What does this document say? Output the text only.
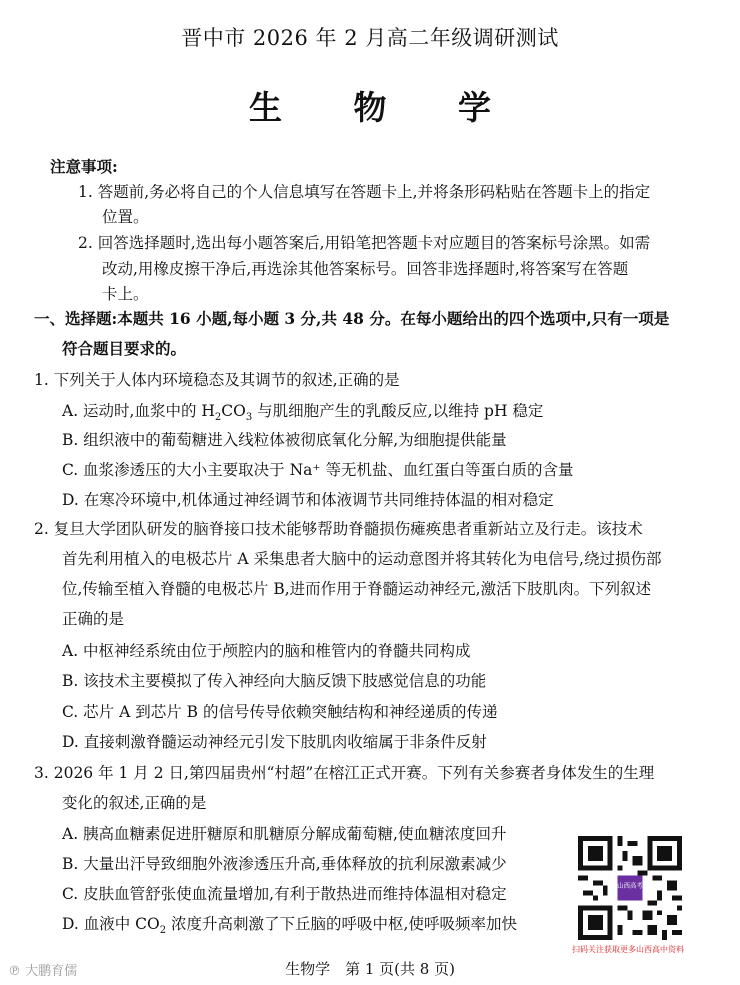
晋中市 2026 年 2 月高二年级调研测试
生 物 学
注意事项:
1. 答题前,务必将自己的个人信息填写在答题卡上,并将条形码粘贴在答题卡上的指定
位置。
2. 回答选择题时,选出每小题答案后,用铅笔把答题卡对应题目的答案标号涂黑。如需
改动,用橡皮擦干净后,再选涂其他答案标号。回答非选择题时,将答案写在答题
卡上。
一、选择题:本题共 16 小题,每小题 3 分,共 48 分。在每小题给出的四个选项中,只有一项是
符合题目要求的。
1. 下列关于人体内环境稳态及其调节的叙述,正确的是
A. 运动时,血浆中的 $H_2CO_3$ 与肌细胞产生的乳酸反应,以维持 pH 稳定
B. 组织液中的葡萄糖进入线粒体被彻底氧化分解,为细胞提供能量
C. 血浆渗透压的大小主要取决于 Na⁺ 等无机盐、血红蛋白等蛋白质的含量
D. 在寒冷环境中,机体通过神经调节和体液调节共同维持体温的相对稳定
2. 复旦大学团队研发的脑脊接口技术能够帮助脊髓损伤瘫痪患者重新站立及行走。该技术
首先利用植入的电极芯片 A 采集患者大脑中的运动意图并将其转化为电信号,绕过损伤部
位,传输至植入脊髓的电极芯片 B,进而作用于脊髓运动神经元,激活下肢肌肉。下列叙述
正确的是
A. 中枢神经系统由位于颅腔内的脑和椎管内的脊髓共同构成
B. 该技术主要模拟了传入神经向大脑反馈下肢感觉信息的功能
C. 芯片 A 到芯片 B 的信号传导依赖突触结构和神经递质的传递
D. 直接刺激脊髓运动神经元引发下肢肌肉收缩属于非条件反射
3. 2026 年 1 月 2 日,第四届贵州“村超”在榕江正式开赛。下列有关参赛者身体发生的生理
变化的叙述,正确的是
A. 胰高血糖素促进肝糖原和肌糖原分解成葡萄糖,使血糖浓度回升
B. 大量出汗导致细胞外液渗透压升高,垂体释放的抗利尿激素减少
C. 皮肤血管舒张使血流量增加,有利于散热进而维持体温相对稳定
D. 血液中 $CO_2$ 浓度升高刺激了下丘脑的呼吸中枢,使呼吸频率加快
山西高考
扫码关注获取更多山西高中资料
生物学　第 1 页(共 8 页)
℗ 大鹏育儒
